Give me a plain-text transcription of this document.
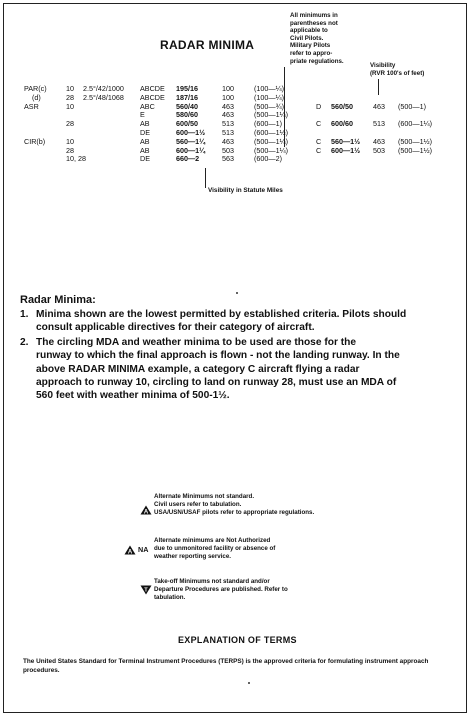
RADAR MINIMA
All minimums in
parentheses not
applicable to
Civil Pilots.
Military Pilots
refer to appro-
priate regulations.
Visibility
(RVR 100's of feet)
PAR(c)	10 2.5°/42/1000 ABCDE 195/16	100	(100—¼)
(d)	28 2.5°/48/1068 ABCDE 187/16	100	(100—¼)
ASR	10	ABC	560/40	463	(500—¾)	D 560/50	463 (500—1)
E	580/60	463	(500—1¼)
28	AB	600/50	513	(600—1)	C 600/60	513 (600—1¼)
DE	600—1½ 513	(600—1½)
CIR(b)	10	AB	560—1¼ 463	(500—1¼)	C 560—1½ 463 (500—1½)
28	AB	600—1¼ 503	(500—1¼)	C 600—1½ 503 (500—1½)
10, 28	DE	660—2	563	(600—2)
Visibility in Statute Miles
Radar Minima:
1. Minima shown are the lowest permitted by established criteria. Pilots should
consult applicable directives for their category of aircraft.
2. The circling MDA and weather minima to be used are those for the
runway to which the final approach is flown - not the landing runway. In the
above RADAR MINIMA example, a category C aircraft flying a radar
approach to runway 10, circling to land on runway 28, must use an MDA of
560 feet with weather minima of 500-1½.
A
Alternate Minimums not standard.
Civil users refer to tabulation.
USA/USN/USAF pilots refer to appropriate regulations.
A NA
Alternate minimums are Not Authorized
due to unmonitored facility or absence of
weather reporting service.
T
Take-off Minimums not standard and/or
Departure Procedures are published. Refer to
tabulation.
EXPLANATION OF TERMS
The United States Standard for Terminal Instrument Procedures (TERPS) is the approved criteria for formulating instrument approach procedures.
